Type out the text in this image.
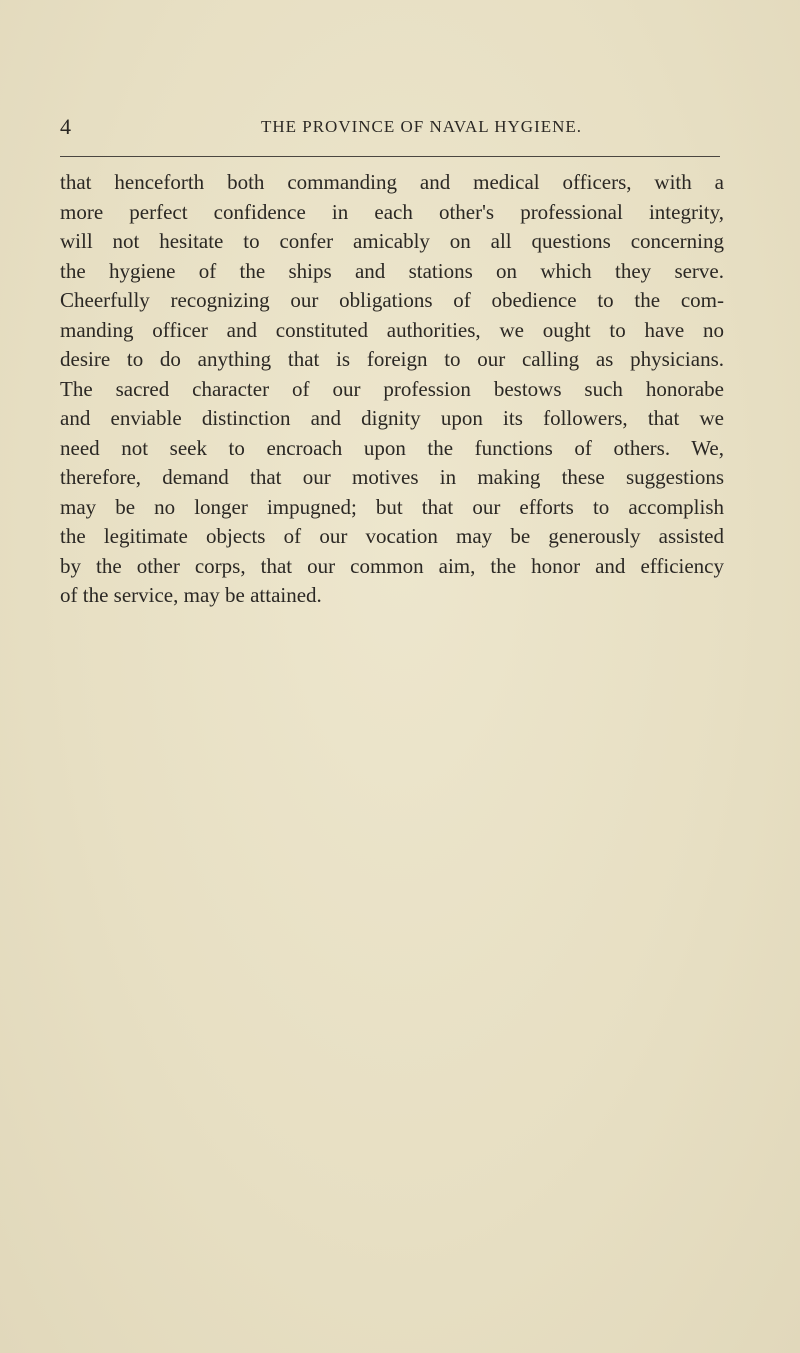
4	THE PROVINCE OF NAVAL HYGIENE.

that henceforth both commanding and medical officers, with a
more perfect confidence in each other's professional integrity,
will not hesitate to confer amicably on all questions concerning
the hygiene of the ships and stations on which they serve.
Cheerfully recognizing our obligations of obedience to the com-
manding officer and constituted authorities, we ought to have no
desire to do anything that is foreign to our calling as physicians.
The sacred character of our profession bestows such honorabe
and enviable distinction and dignity upon its followers, that we
need not seek to encroach upon the functions of others. We,
therefore, demand that our motives in making these suggestions
may be no longer impugned; but that our efforts to accomplish
the legitimate objects of our vocation may be generously assisted
by the other corps, that our common aim, the honor and efficiency
of the service, may be attained.
